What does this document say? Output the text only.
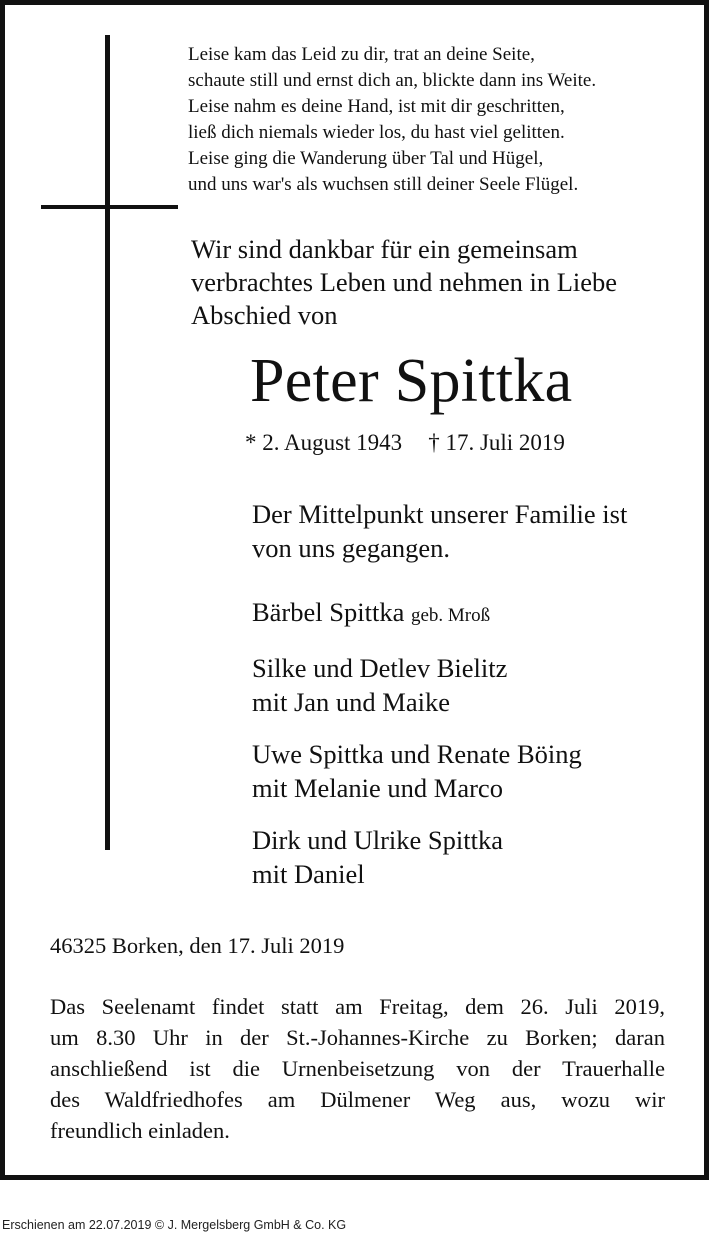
Leise kam das Leid zu dir, trat an deine Seite,
schaute still und ernst dich an, blickte dann ins Weite.
Leise nahm es deine Hand, ist mit dir geschritten,
ließ dich niemals wieder los, du hast viel gelitten.
Leise ging die Wanderung über Tal und Hügel,
und uns war's als wuchsen still deiner Seele Flügel.
Wir sind dankbar für ein gemeinsam
verbrachtes Leben und nehmen in Liebe
Abschied von
Peter Spittka
* 2. August 1943 † 17. Juli 2019
Der Mittelpunkt unserer Familie ist
von uns gegangen.
Bärbel Spittka geb. Mroß
Silke und Detlev Bielitz
mit Jan und Maike
Uwe Spittka und Renate Böing
mit Melanie und Marco
Dirk und Ulrike Spittka
mit Daniel
46325 Borken, den 17. Juli 2019
Das Seelenamt findet statt am Freitag, dem 26. Juli 2019,
um 8.30 Uhr in der St.-Johannes-Kirche zu Borken; daran
anschließend ist die Urnenbeisetzung von der Trauerhalle
des Waldfriedhofes am Dülmener Weg aus, wozu wir
freundlich einladen.
Erschienen am 22.07.2019 © J. Mergelsberg GmbH & Co. KG
